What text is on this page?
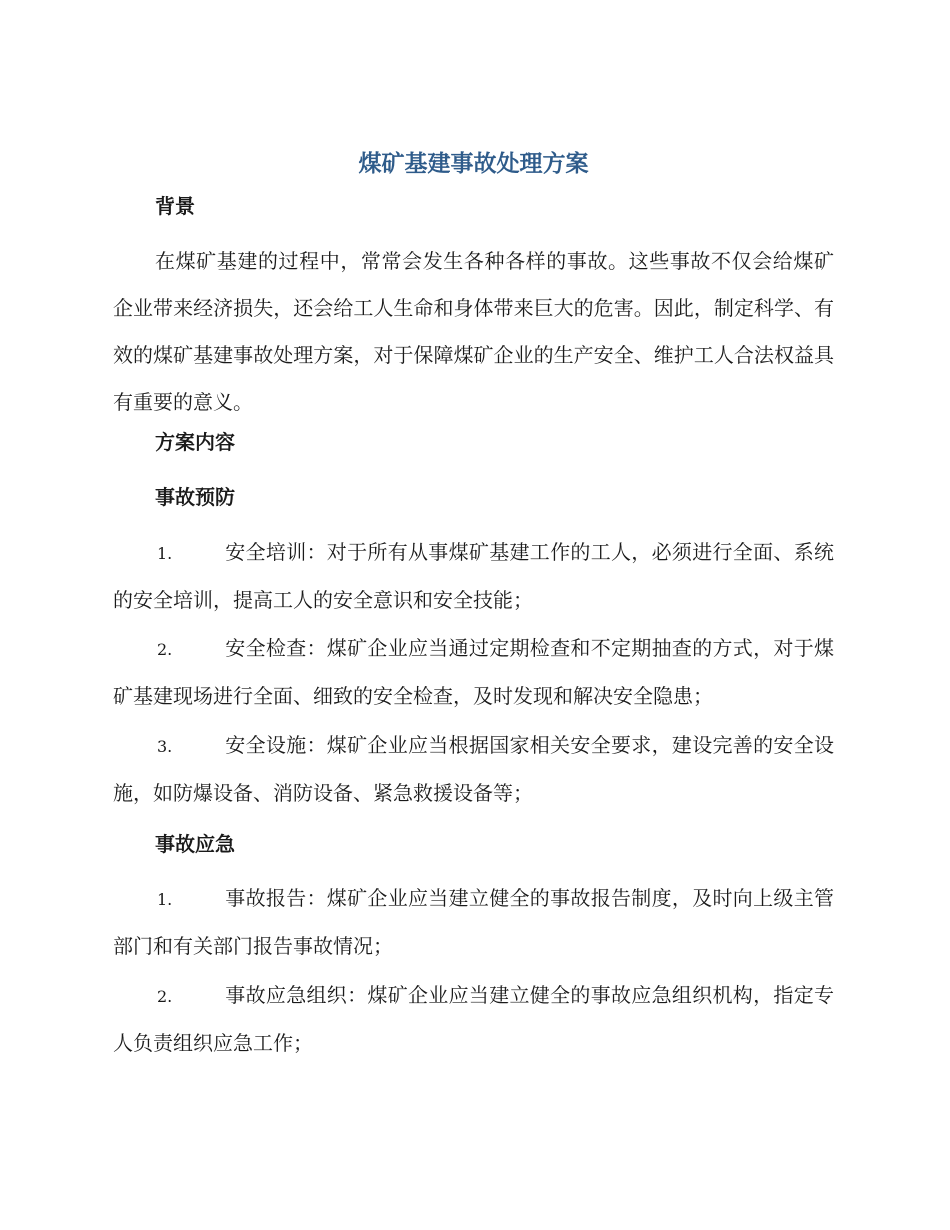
煤矿基建事故处理方案
背景
在煤矿基建的过程中，常常会发生各种各样的事故。这些事故不仅会给煤矿企业带来经济损失，还会给工人生命和身体带来巨大的危害。因此，制定科学、有效的煤矿基建事故处理方案，对于保障煤矿企业的生产安全、维护工人合法权益具有重要的意义。
方案内容
事故预防
1.	安全培训：对于所有从事煤矿基建工作的工人，必须进行全面、系统的安全培训，提高工人的安全意识和安全技能；
2.	安全检查：煤矿企业应当通过定期检查和不定期抽查的方式，对于煤矿基建现场进行全面、细致的安全检查，及时发现和解决安全隐患；
3.	安全设施：煤矿企业应当根据国家相关安全要求，建设完善的安全设施，如防爆设备、消防设备、紧急救援设备等；
事故应急
1.	事故报告：煤矿企业应当建立健全的事故报告制度，及时向上级主管部门和有关部门报告事故情况；
2.	事故应急组织：煤矿企业应当建立健全的事故应急组织机构，指定专人负责组织应急工作；
